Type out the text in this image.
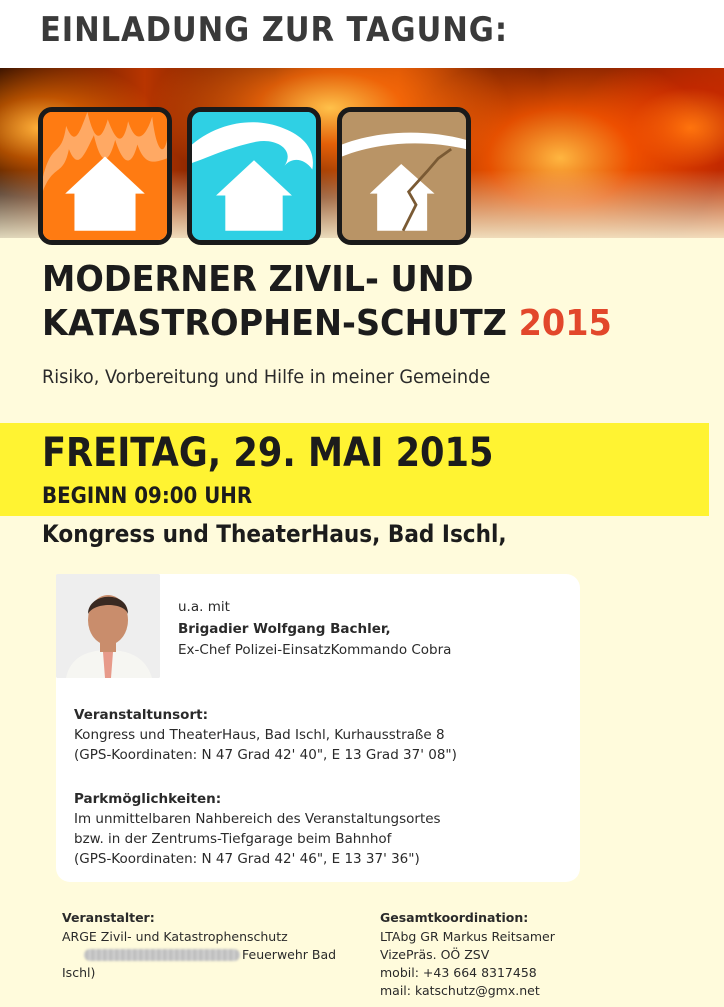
EINLADUNG ZUR TAGUNG:
MODERNER ZIVIL- UND
KATASTROPHEN-SCHUTZ 2015
Risiko, Vorbereitung und Hilfe in meiner Gemeinde
FREITAG, 29. MAI 2015
BEGINN 09:00 UHR
Kongress und TheaterHaus, Bad Ischl,
u.a. mit
Brigadier Wolfgang Bachler,
Ex-Chef Polizei-EinsatzKommando Cobra
Veranstaltunsort:
Kongress und TheaterHaus, Bad Ischl, Kurhausstraße 8
(GPS-Koordinaten: N 47 Grad 42' 40", E 13 Grad 37' 08")
Parkmöglichkeiten:
Im unmittelbaren Nahbereich des Veranstaltungsortes
bzw. in der Zentrums-Tiefgarage beim Bahnhof
(GPS-Koordinaten: N 47 Grad 42' 46", E 13 37' 36")
Veranstalter:
ARGE Zivil- und Katastrophenschutz
Feuerwehr Bad
Ischl)
Gesamtkoordination:
LTAbg GR Markus Reitsamer
VizePräs. OÖ ZSV
mobil: +43 664 8317458
mail: katschutz@gmx.net
